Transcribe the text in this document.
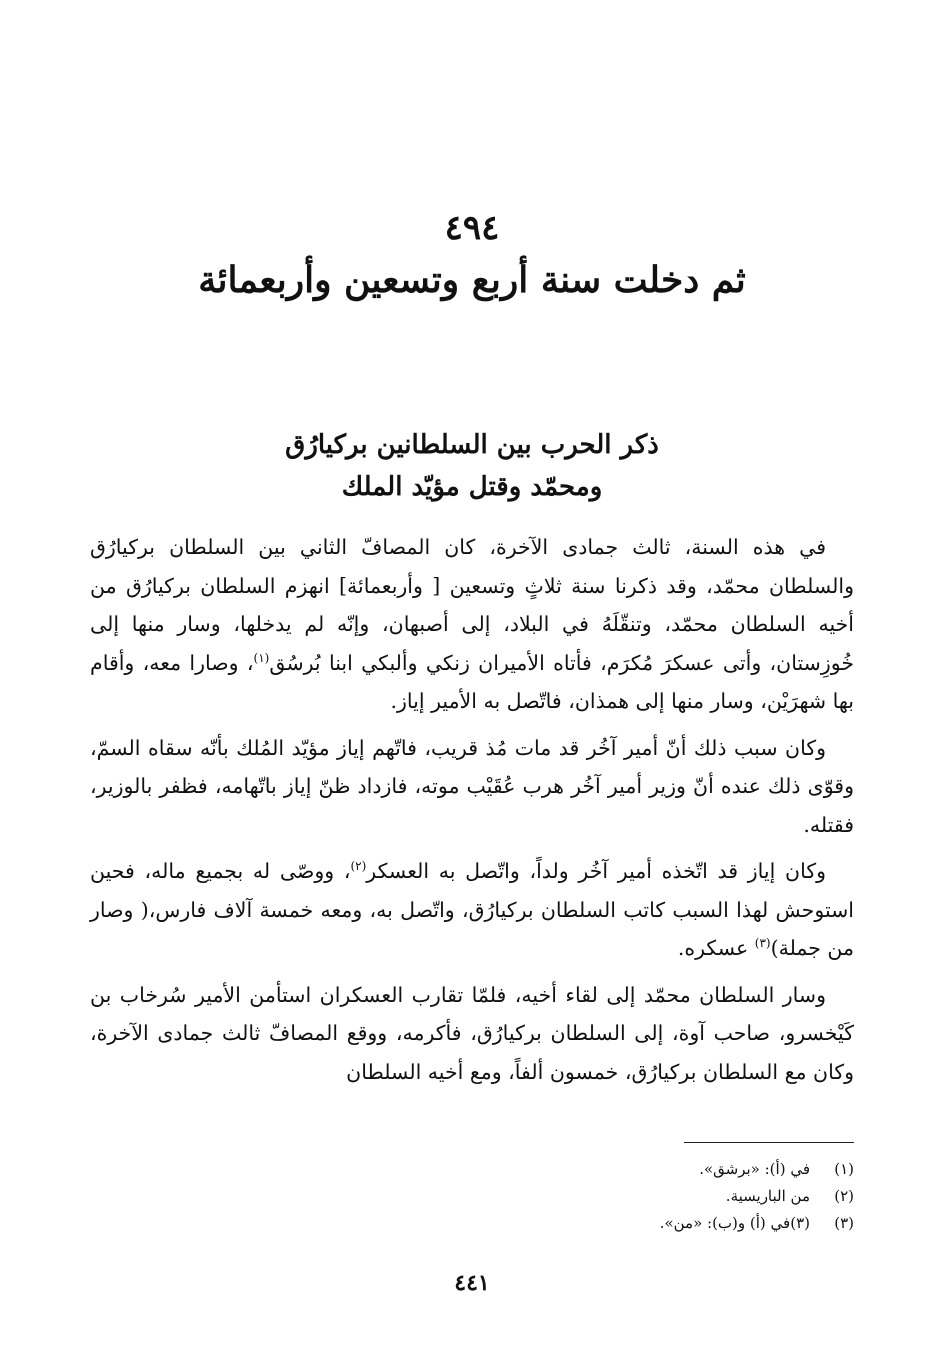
٤٩٤
ثم دخلت سنة أربع وتسعين وأربعمائة
ذكر الحرب بين السلطانين بركيارُق
ومحمّد وقتل مؤيّد الملك

في هذه السنة، ثالث جمادى الآخرة، كان المصافّ الثاني بين السلطان بركيارُق والسلطان محمّد، وقد ذكرنا سنة ثلاثٍ وتسعين [ وأربعمائة] انهزم السلطان بركيارُق من أخيه السلطان محمّد، وتنقّلَهُ في البلاد، إلى أصبهان، وإنّه لم يدخلها، وسار منها إلى خُوزِستان، وأتى عسكرَ مُكرَم، فأتاه الأميران زنكي وألبكي ابنا بُرسُق$^{(١)}$، وصارا معه، وأقام بها شهرَيْن، وسار منها إلى همذان، فاتّصل به الأمير إياز.

وكان سبب ذلك أنّ أمير آخُر قد مات مُذ قريب، فاتّهم إياز مؤيّد المُلك بأنّه سقاه السمّ، وقوّى ذلك عنده أنّ وزير أمير آخُر هرب عُقَيْب موته، فازداد ظنّ إياز باتّهامه، فظفر بالوزير، فقتله.

وكان إياز قد اتّخذه أمير آخُر ولداً، واتّصل به العسكر$^{(٢)}$، ووصّى له بجميع ماله، فحين استوحش لهذا السبب كاتب السلطان بركيارُق، واتّصل به، ومعه خمسة آلاف فارس،( وصار من جملة)$^{(٣)}$ عسكره.

وسار السلطان محمّد إلى لقاء أخيه، فلمّا تقارب العسكران استأمن الأمير سُرخاب بن كَيْخسرو، صاحب آوة، إلى السلطان بركيارُق، فأكرمه، ووقع المصافّ ثالث جمادى الآخرة، وكان مع السلطان بركيارُق، خمسون ألفاً، ومع أخيه السلطان

(١)في (أ): «برشق».
(٢)من الباريسية.
(٣)(٣)في (أ) و(ب): «من».
٤٤١
